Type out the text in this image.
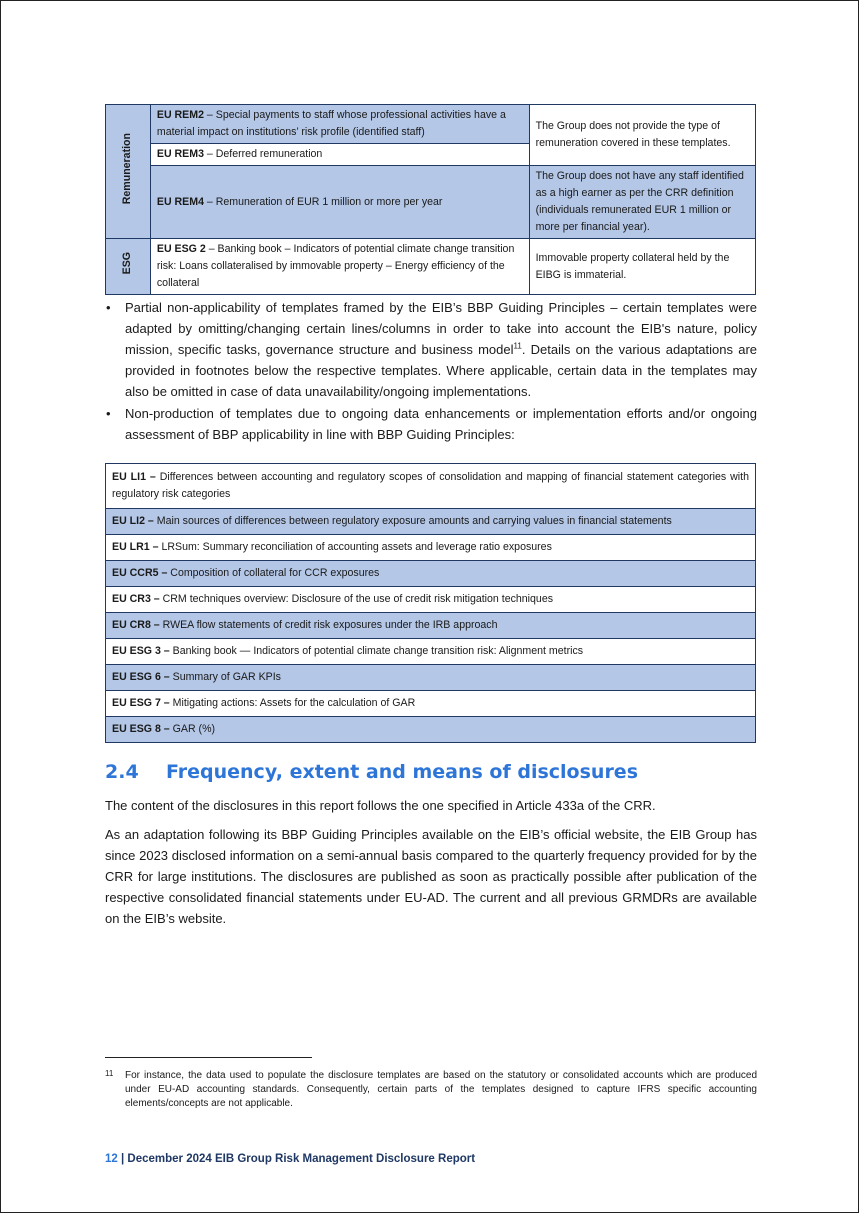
Remuneration	EU REM2 – Special payments to staff whose professional activities have a material impact on institutions’ risk profile (identified staff)	The Group does not provide the type of remuneration covered in these templates.
	EU REM3 – Deferred remuneration	
	EU REM4 – Remuneration of EUR 1 million or more per year	The Group does not have any staff identified as a high earner as per the CRR definition (individuals remunerated EUR 1 million or more per financial year).
ESG	EU ESG 2 – Banking book – Indicators of potential climate change transition risk: Loans collateralised by immovable property – Energy efficiency of the collateral	Immovable property collateral held by the EIBG is immaterial.
• Partial non-applicability of templates framed by the EIB’s BBP Guiding Principles – certain templates were adapted by omitting/changing certain lines/columns in order to take into account the EIB's nature, policy mission, specific tasks, governance structure and business model$^{11}$. Details on the various adaptations are provided in footnotes below the respective templates. Where applicable, certain data in the templates may also be omitted in case of data unavailability/ongoing implementations.
• Non-production of templates due to ongoing data enhancements or implementation efforts and/or ongoing assessment of BBP applicability in line with BBP Guiding Principles:
EU LI1 – Differences between accounting and regulatory scopes of consolidation and mapping of financial statement categories with regulatory risk categories
EU LI2 – Main sources of differences between regulatory exposure amounts and carrying values in financial statements
EU LR1 – LRSum: Summary reconciliation of accounting assets and leverage ratio exposures
EU CCR5 – Composition of collateral for CCR exposures
EU CR3 – CRM techniques overview: Disclosure of the use of credit risk mitigation techniques
EU CR8 – RWEA flow statements of credit risk exposures under the IRB approach
EU ESG 3 – Banking book — Indicators of potential climate change transition risk: Alignment metrics
EU ESG 6 – Summary of GAR KPIs
EU ESG 7 – Mitigating actions: Assets for the calculation of GAR
EU ESG 8 – GAR (%)
2.4 Frequency, extent and means of disclosures

The content of the disclosures in this report follows the one specified in Article 433a of the CRR.

As an adaptation following its BBP Guiding Principles available on the EIB’s official website, the EIB Group has since 2023 disclosed information on a semi-annual basis compared to the quarterly frequency provided for by the CRR for large institutions. The disclosures are published as soon as practically possible after publication of the respective consolidated financial statements under EU-AD. The current and all previous GRMDRs are available on the EIB’s website.

11	For instance, the data used to populate the disclosure templates are based on the statutory or consolidated accounts which are produced under EU-AD accounting standards. Consequently, certain parts of the templates designed to capture IFRS specific accounting elements/concepts are not applicable.
12 | December 2024 EIB Group Risk Management Disclosure Report
